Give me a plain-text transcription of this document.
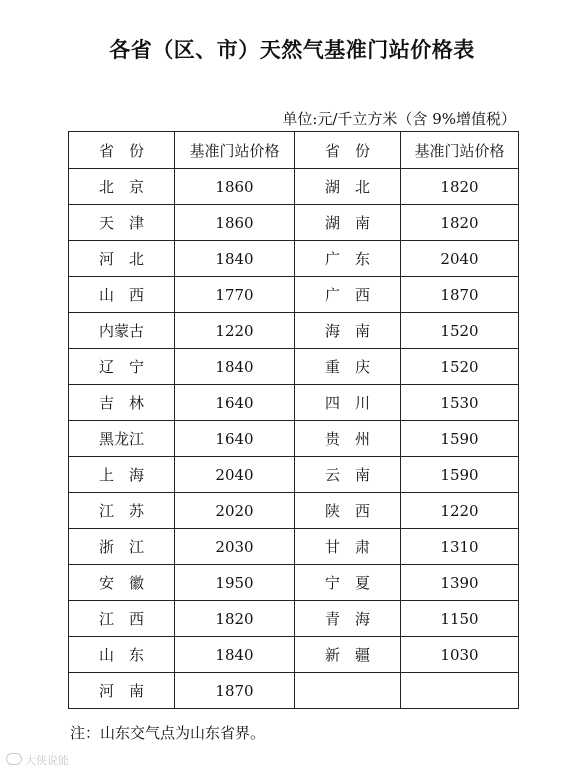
各省（区、市）天然气基准门站价格表
单位:元/千立方米（含 9%增值税）
省　份	基准门站价格	省　份	基准门站价格
北　京	1860	湖　北	1820
天　津	1860	湖　南	1820
河　北	1840	广　东	2040
山　西	1770	广　西	1870
内蒙古	1220	海　南	1520
辽　宁	1840	重　庆	1520
吉　林	1640	四　川	1530
黑龙江	1640	贵　州	1590
上　海	2040	云　南	1590
江　苏	2020	陕　西	1220
浙　江	2030	甘　肃	1310
安　徽	1950	宁　夏	1390
江　西	1820	青　海	1150
山　东	1840	新　疆	1030
河　南	1870		
注：山东交气点为山东省界。
大侠说能
